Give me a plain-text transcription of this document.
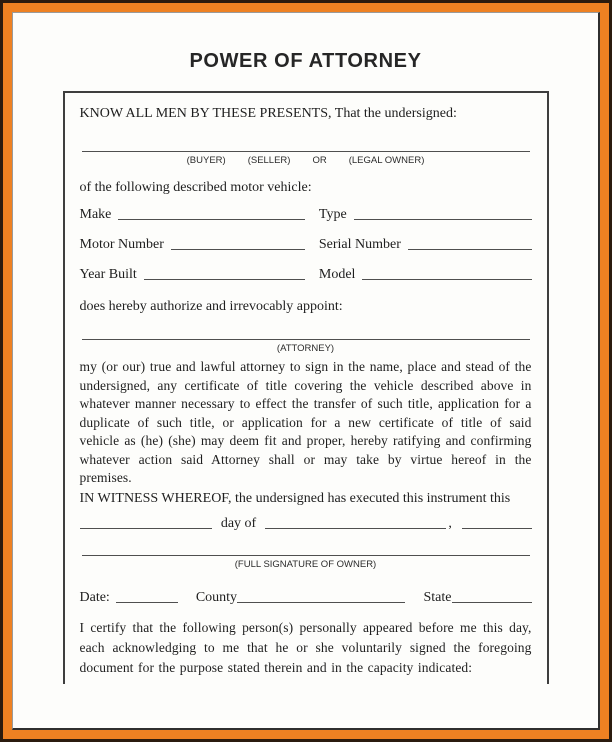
POWER OF ATTORNEY
KNOW ALL MEN BY THESE PRESENTS, That the undersigned:
(BUYER) (SELLER) OR (LEGAL OWNER)
of the following described motor vehicle:
Make	Type
Motor Number	Serial Number
Year Built	Model
does hereby authorize and irrevocably appoint:
(ATTORNEY)
my (or our) true and lawful attorney to sign in the name, place and stead of the undersigned, any certificate of title covering the vehicle described above in whatever manner necessary to effect the transfer of such title, application for a duplicate of such title, or application for a new certificate of title of said vehicle as (he) (she) may deem fit and proper, hereby ratifying and confirming whatever action said Attorney shall or may take by virtue hereof in the premises.
IN WITNESS WHEREOF, the undersigned has executed this instrument this
day of	,
(FULL SIGNATURE OF OWNER)
Date:	County	State
I certify that the following person(s) personally appeared before me this day, each acknowledging to me that he or she voluntarily signed the foregoing document for the purpose stated therein and in the capacity indicated:
